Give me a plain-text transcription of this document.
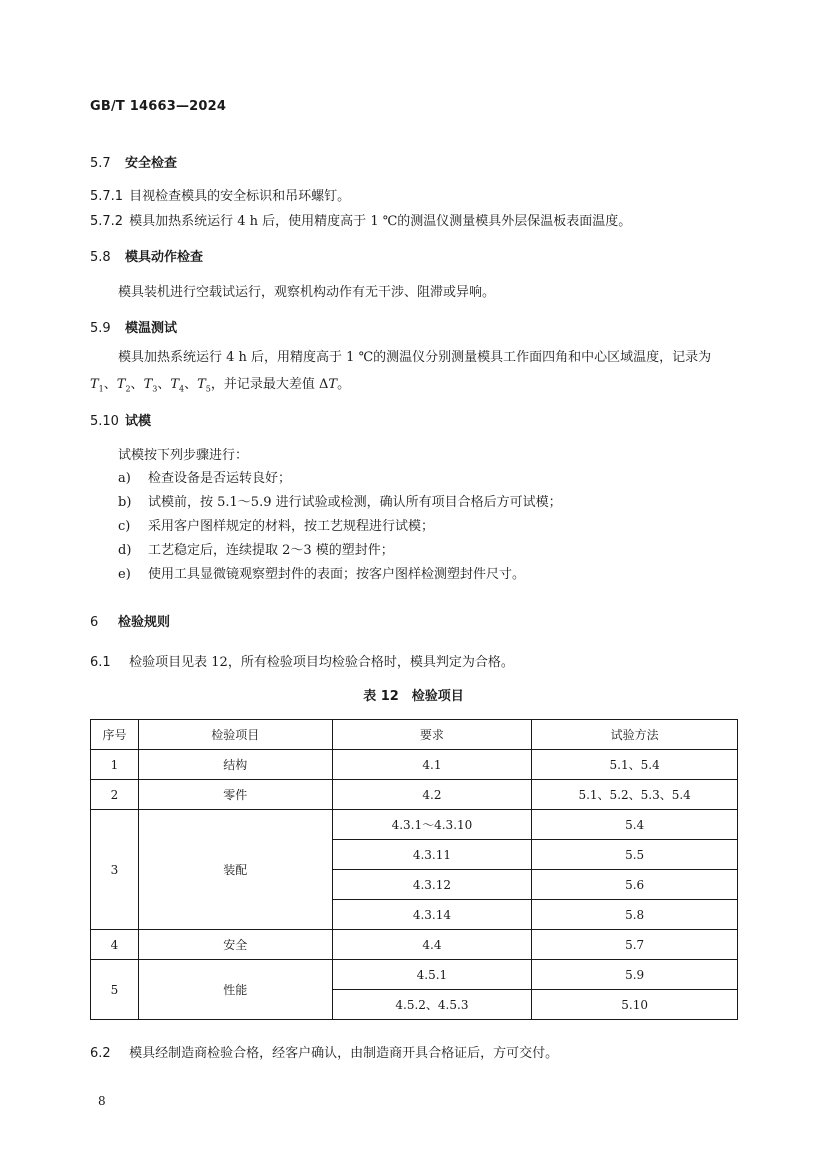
GB/T 14663—2024
5.7 安全检查
5.7.1 目视检查模具的安全标识和吊环螺钉。
5.7.2 模具加热系统运行 4 h 后，使用精度高于 1 ℃的测温仪测量模具外层保温板表面温度。
5.8 模具动作检查
模具装机进行空载试运行，观察机构动作有无干涉、阻滞或异响。
5.9 模温测试
模具加热系统运行 4 h 后，用精度高于 1 ℃的测温仪分别测量模具工作面四角和中心区域温度，记录为 $T_1$、$T_2$、$T_3$、$T_4$、$T_5$，并记录最大差值 ΔT。
5.10 试模
试模按下列步骤进行：
a) 检查设备是否运转良好；
b) 试模前，按 5.1～5.9 进行试验或检测，确认所有项目合格后方可试模；
c) 采用客户图样规定的材料，按工艺规程进行试模；
d) 工艺稳定后，连续提取 2～3 模的塑封件；
e) 使用工具显微镜观察塑封件的表面；按客户图样检测塑封件尺寸。
6 检验规则
6.1 检验项目见表 12，所有检验项目均检验合格时，模具判定为合格。
表 12　检验项目
序号	检验项目	要求	试验方法
1	结构	4.1	5.1、5.4
2	零件	4.2	5.1、5.2、5.3、5.4
3	装配	4.3.1～4.3.10	5.4
		4.3.11	5.5
		4.3.12	5.6
		4.3.14	5.8
4	安全	4.4	5.7
5	性能	4.5.1	5.9
		4.5.2、4.5.3	5.10
6.2 模具经制造商检验合格，经客户确认，由制造商开具合格证后，方可交付。
8
